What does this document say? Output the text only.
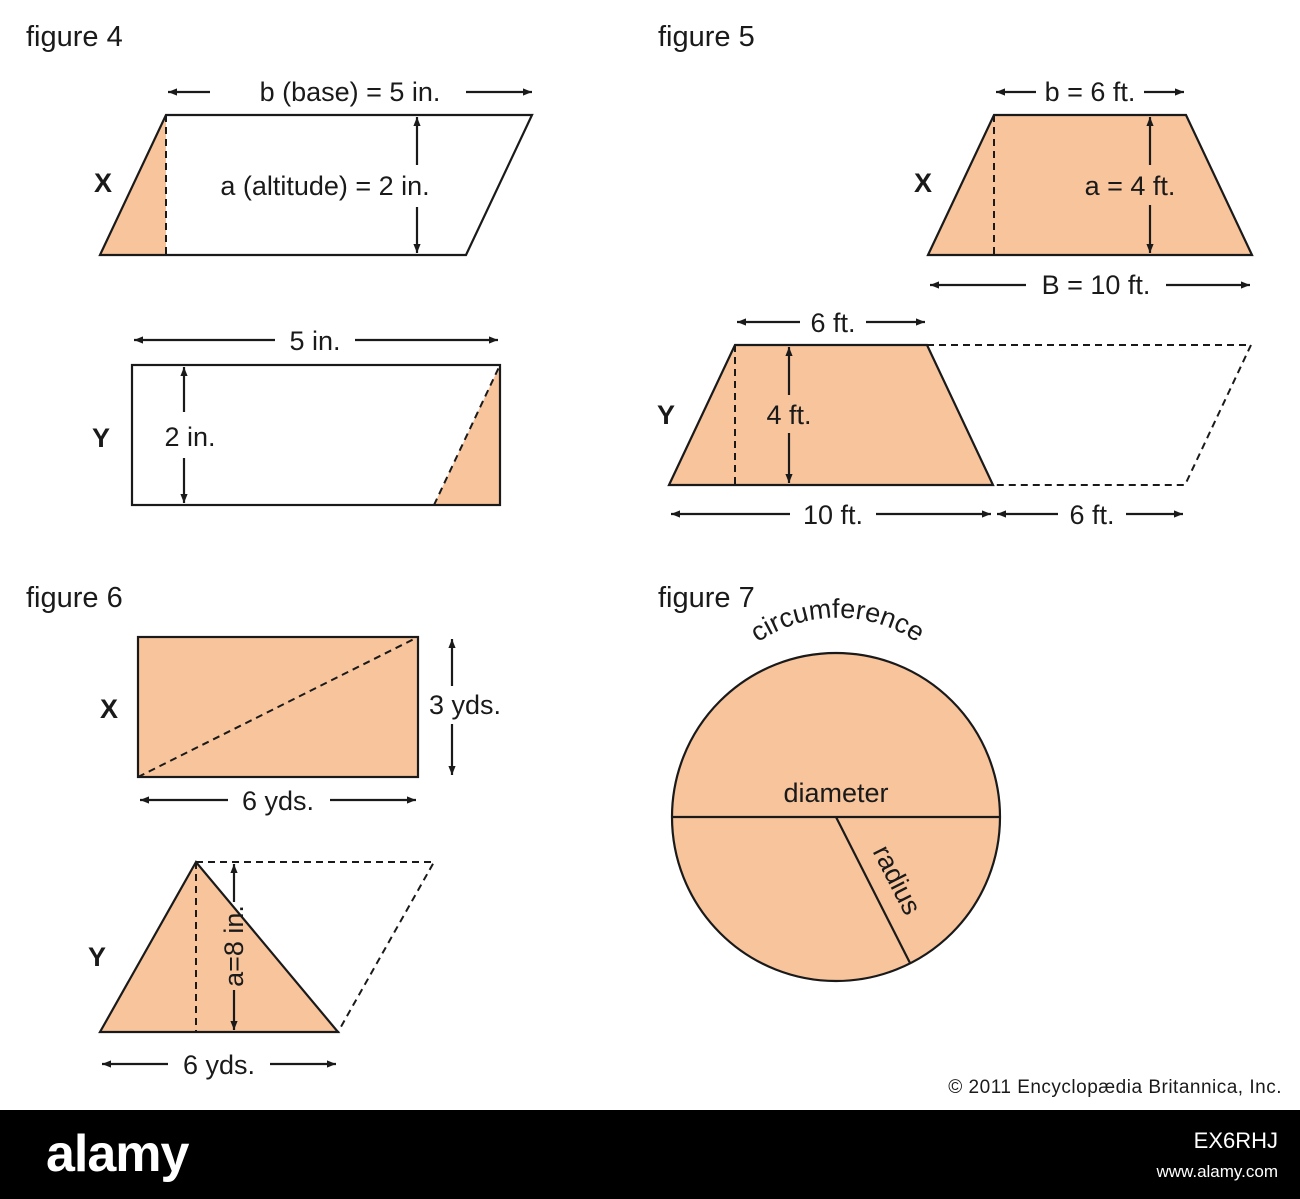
figure 4
b (base) = 5 in.
a (altitude) = 2 in.
X
5 in.
2 in.
Y
figure 5
b = 6 ft.
a = 4 ft.
B = 10 ft.
X
6 ft.
4 ft.
10 ft.	6 ft.
Y
figure 6
3 yds.
6 yds.
X
a=8 in.
6 yds.
Y
figure 7
diameter
radius
circumference
© 2011 Encyclopædia Britannica, Inc.
alamy	EX6RHJ
www.alamy.com
